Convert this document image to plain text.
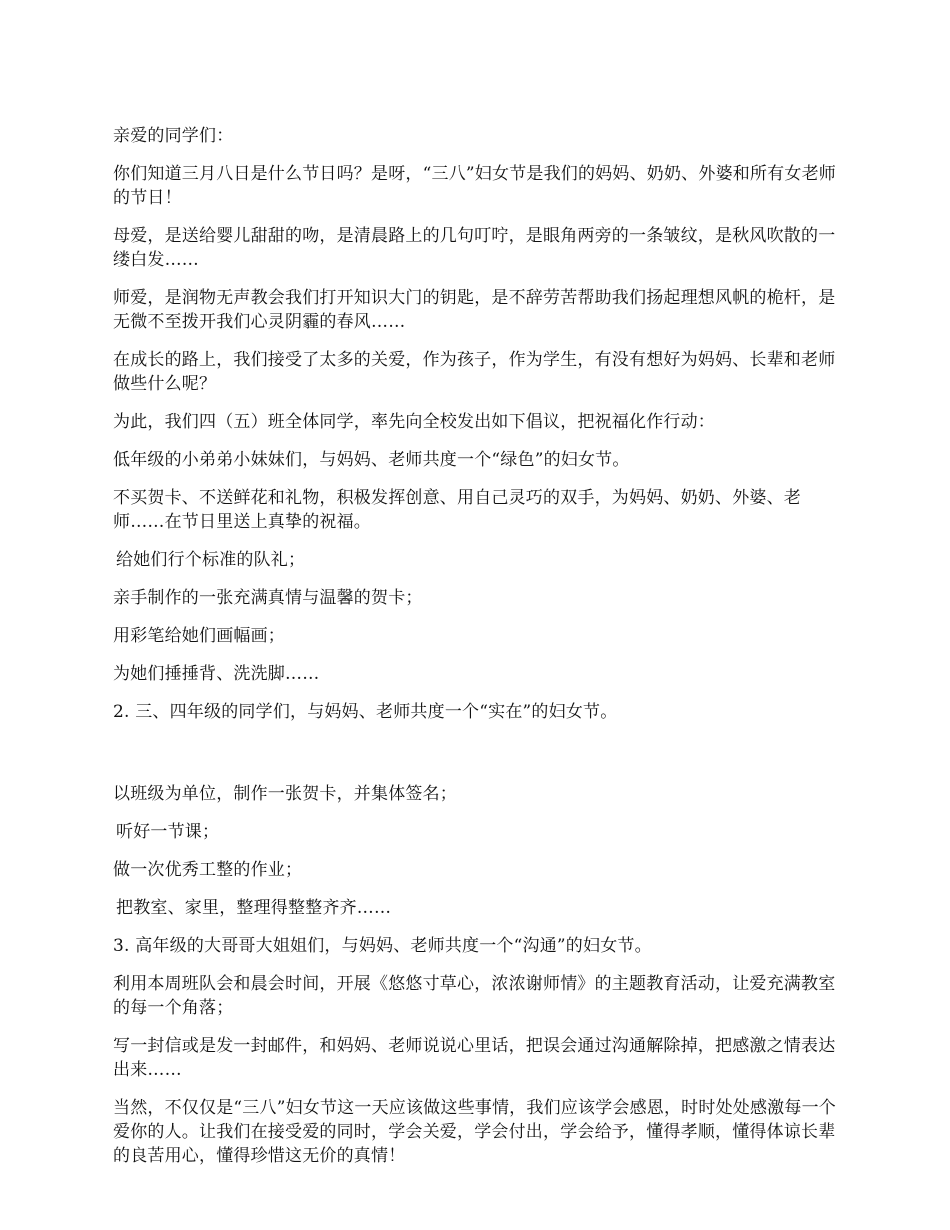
亲爱的同学们：

你们知道三月八日是什么节日吗？是呀，“三八”妇女节是我们的妈妈、奶奶、外婆和所有女老师的节日！

母爱，是送给婴儿甜甜的吻，是清晨路上的几句叮咛，是眼角两旁的一条皱纹，是秋风吹散的一缕白发……

师爱，是润物无声教会我们打开知识大门的钥匙，是不辞劳苦帮助我们扬起理想风帆的桅杆，是无微不至拨开我们心灵阴霾的春风……

在成长的路上，我们接受了太多的关爱，作为孩子，作为学生，有没有想好为妈妈、长辈和老师做些什么呢？

为此，我们四（五）班全体同学，率先向全校发出如下倡议，把祝福化作行动：

低年级的小弟弟小妹妹们，与妈妈、老师共度一个“绿色”的妇女节。

不买贺卡、不送鲜花和礼物，积极发挥创意、用自己灵巧的双手，为妈妈、奶奶、外婆、老师……在节日里送上真挚的祝福。

给她们行个标准的队礼；

亲手制作的一张充满真情与温馨的贺卡；

用彩笔给她们画幅画；

为她们捶捶背、洗洗脚……

2. 三、四年级的同学们，与妈妈、老师共度一个“实在”的妇女节。

以班级为单位，制作一张贺卡，并集体签名；

听好一节课；

做一次优秀工整的作业；

把教室、家里，整理得整整齐齐……

3. 高年级的大哥哥大姐姐们，与妈妈、老师共度一个“沟通”的妇女节。

利用本周班队会和晨会时间，开展《悠悠寸草心，浓浓谢师情》的主题教育活动，让爱充满教室的每一个角落；

写一封信或是发一封邮件，和妈妈、老师说说心里话，把误会通过沟通解除掉，把感激之情表达出来……

当然，不仅仅是“三八”妇女节这一天应该做这些事情，我们应该学会感恩，时时处处感激每一个爱你的人。让我们在接受爱的同时，学会关爱，学会付出，学会给予，懂得孝顺，懂得体谅长辈的良苦用心，懂得珍惜这无价的真情！
